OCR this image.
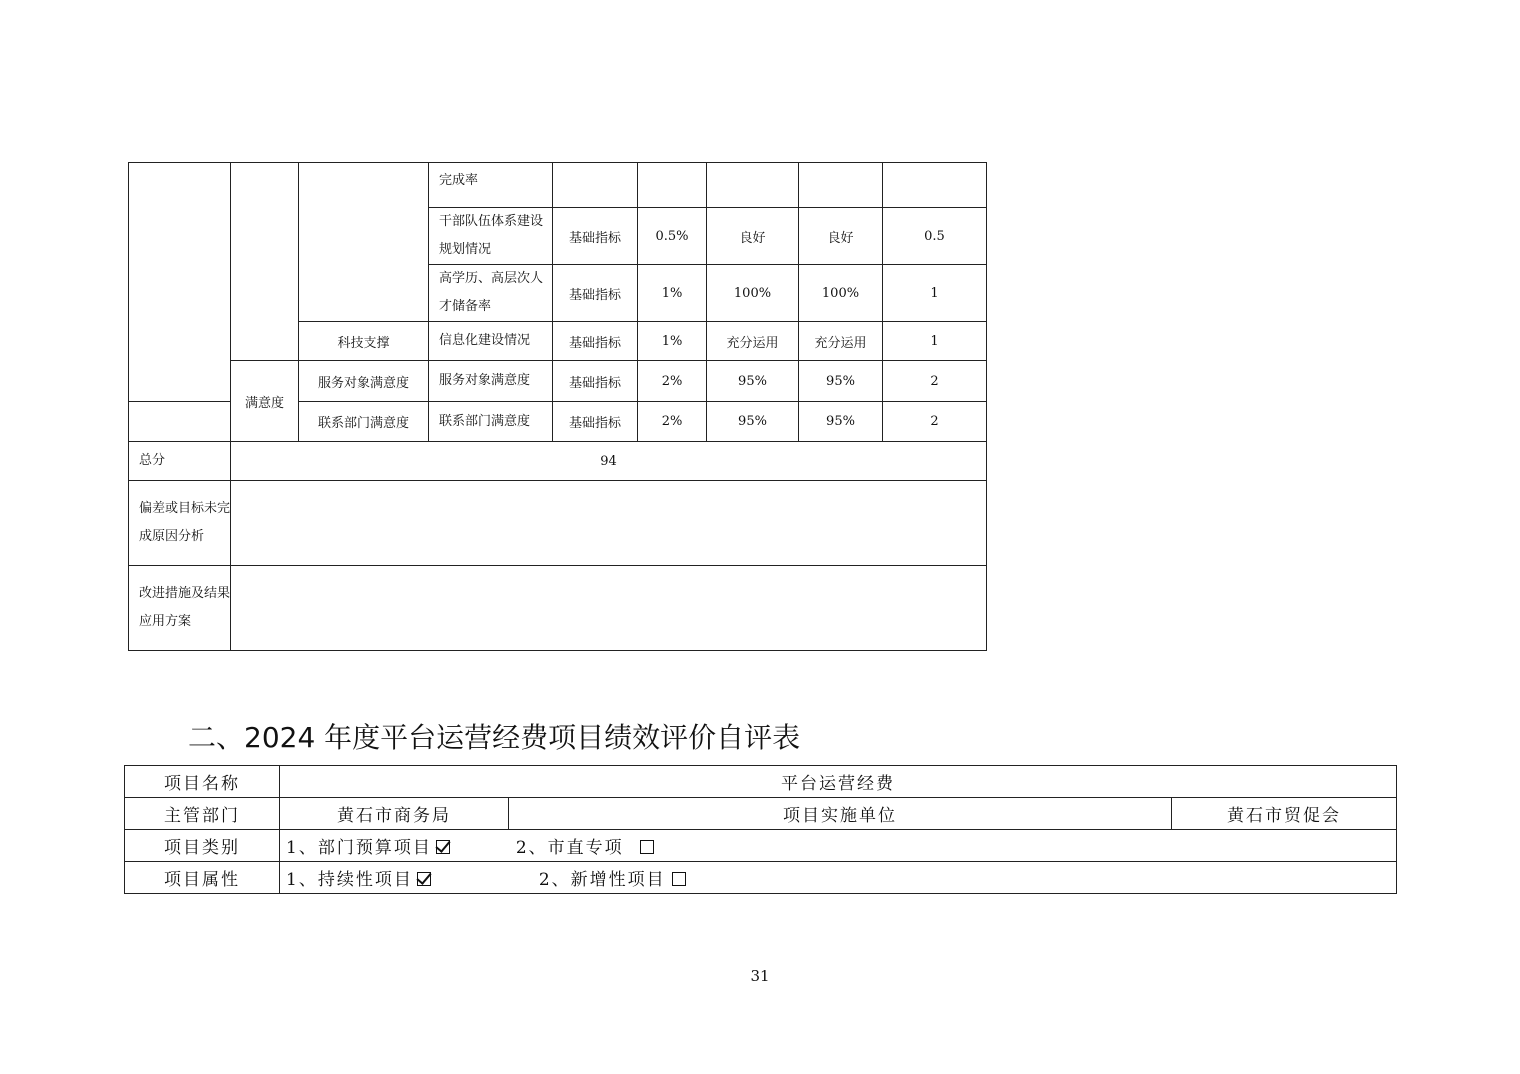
			完成率					
			干部队伍体系建设规划情况	基础指标	0.5%	良好	良好	0.5
			高学历、高层次人才储备率	基础指标	1%	100%	100%	1
		科技支撑	信息化建设情况	基础指标	1%	充分运用	充分运用	1
	满意度	服务对象满意度	服务对象满意度	基础指标	2%	95%	95%	2
		联系部门满意度	联系部门满意度	基础指标	2%	95%	95%	2
总分	94							
偏差或目标未完成原因分析								
改进措施及结果应用方案								
二、2024 年度平台运营经费项目绩效评价自评表
项目名称	平台运营经费		
主管部门	黄石市商务局	项目实施单位	黄石市贸促会
项目类别	1、部门预算项目 2、市直专项		
项目属性	1、持续性项目 2、新增性项目		
31
